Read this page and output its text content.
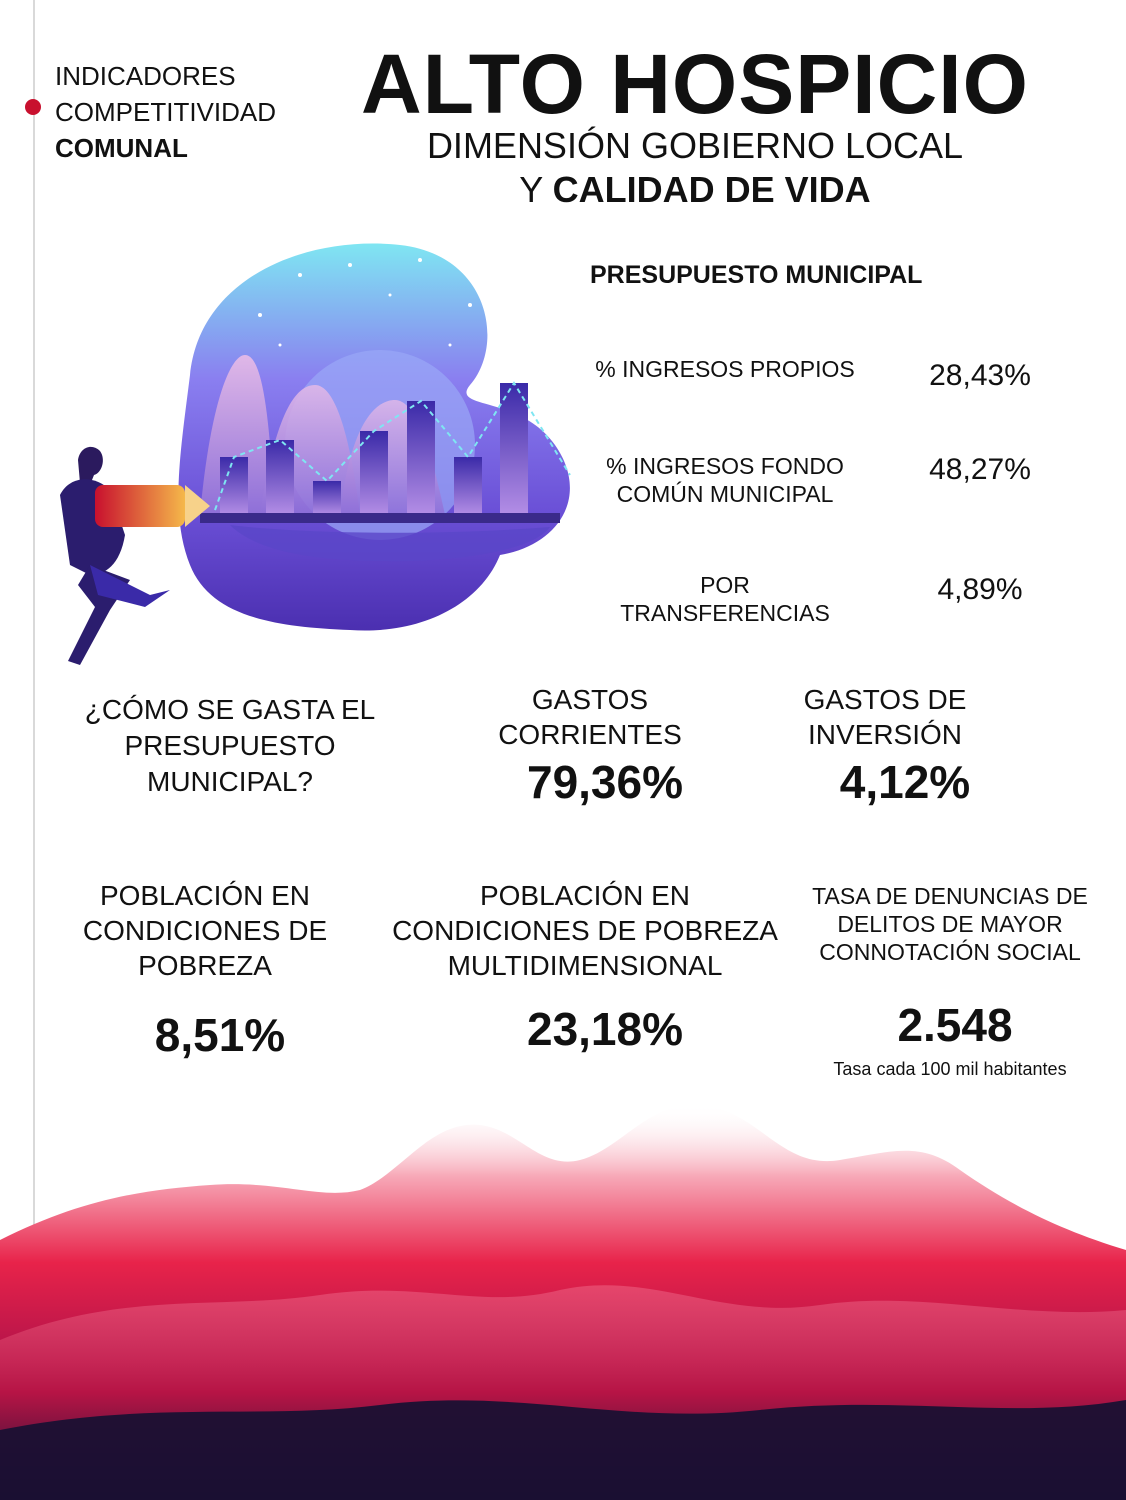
INDICADORES
COMPETITIVIDAD
COMUNAL
ALTO HOSPICIO
DIMENSIÓN GOBIERNO LOCAL
Y CALIDAD DE VIDA
PRESUPUESTO MUNICIPAL
% INGRESOS PROPIOS	28,43%
% INGRESOS FONDO
COMÚN MUNICIPAL
48,27%
POR
TRANSFERENCIAS
4,89%
¿CÓMO SE GASTA EL
PRESUPUESTO
MUNICIPAL?
GASTOS
CORRIENTES
79,36%
GASTOS DE
INVERSIÓN
4,12%
POBLACIÓN EN
CONDICIONES DE
POBREZA
8,51%
POBLACIÓN EN
CONDICIONES DE POBREZA
MULTIDIMENSIONAL
23,18%
TASA DE DENUNCIAS DE
DELITOS DE MAYOR
CONNOTACIÓN SOCIAL
2.548
Tasa cada 100 mil habitantes
